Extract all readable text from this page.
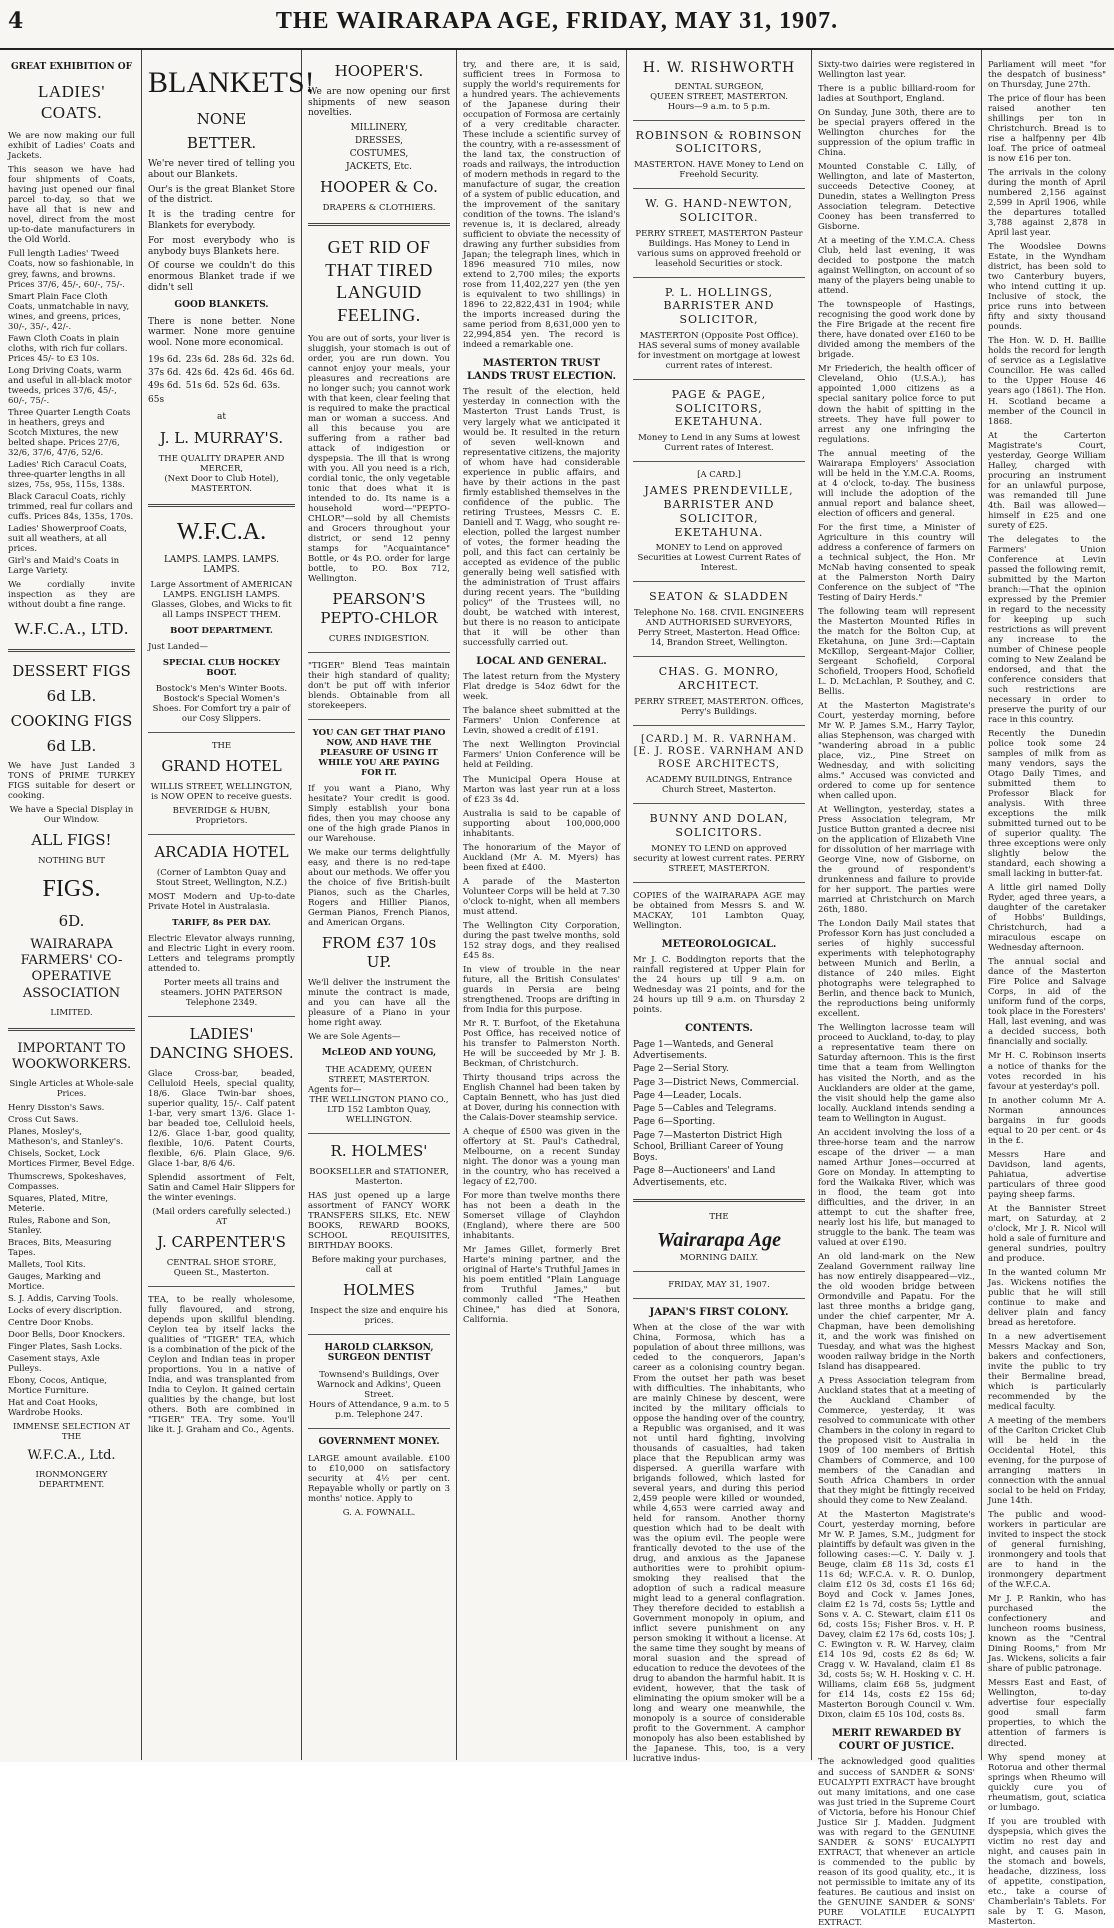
4	THE WAIRARAPA AGE, FRIDAY, MAY 31, 1907.
GREAT EXHIBITION OF
LADIES' COATS.

We are now making our full exhibit of Ladies' Coats and Jackets.

This season we have had four shipments of Coats, having just opened our final parcel to-day, so that we have all that is new and novel, direct from the most up-to-date manufacturers in the Old World.

Full length Ladies' Tweed Coats, now so fashionable, in grey, fawns, and browns. Prices 37/6, 45/-, 60/-, 75/-.
Smart Plain Face Cloth Coats, unmatchable in navy, wines, and greens, prices, 30/-, 35/-, 42/-.
Fawn Cloth Coats in plain cloths, with rich fur collars. Prices 45/- to £3 10s.
Long Driving Coats, warm and useful in all-black motor tweeds, prices 37/6, 45/-, 60/-, 75/-.
Three Quarter Length Coats in heathers, greys and Scotch Mixtures, the new belted shape. Prices 27/6, 32/6, 37/6, 47/6, 52/6.
Ladies' Rich Caracul Coats, three-quarter lengths in all sizes, 75s, 95s, 115s, 138s.
Black Caracul Coats, richly trimmed, real fur collars and cuffs. Prices 84s, 135s, 170s.
Ladies' Showerproof Coats, suit all weathers, at all prices.
Girl's and Maid's Coats in Large Variety.

We cordially invite inspection as they are without doubt a fine range.

W.F.C.A., LTD.
DESSERT FIGS
6d LB.
COOKING FIGS
6d LB.

We have Just Landed 3 TONS of PRIME TURKEY FIGS suitable for desert or cooking.

We have a Special Display in Our Window.

ALL FIGS!
NOTHING BUT
FIGS.
6D.
WAIRARAPA FARMERS' CO-OPERATIVE ASSOCIATION
LIMITED.
IMPORTANT TO WOOKWORKERS.
Single Articles at Whole-sale Prices.
Henry Disston's Saws.
Cross Cut Saws.
Planes, Mosley's, Matheson's, and Stanley's.
Chisels, Socket, Lock Mortices Firmer, Bevel Edge.
Thumscrews, Spokeshaves, Compasses.
Squares, Plated, Mitre, Meterie.
Rules, Rabone and Son, Stanley.
Braces, Bits, Measuring Tapes.
Mallets, Tool Kits.
Gauges, Marking and Mortice.
S. J. Addis, Carving Tools.
Locks of every discription.
Centre Door Knobs.
Door Bells, Door Knockers.
Finger Plates, Sash Locks.
Casement stays, Axle Pulleys.
Ebony, Cocos, Antique, Mortice Furniture.
Hat and Coat Hooks, Wardrobe Hooks.
IMMENSE SELECTION AT THE
W.F.C.A., Ltd.
IRONMONGERY DEPARTMENT.
BLANKETS!
NONE
BETTER.

We're never tired of telling you about our Blankets.

Our's is the great Blanket Store of the district.

It is the trading centre for Blankets for everybody.

For most everybody who is anybody buys Blankets here.

Of course we couldn't do this enormous Blanket trade if we didn't sell

GOOD BLANKETS.

There is none better. None warmer. None more genuine wool. None more economical.

19s 6d. 23s 6d. 28s 6d. 32s 6d.
37s 6d. 42s 6d. 42s 6d. 46s 6d.
49s 6d. 51s 6d. 52s 6d. 63s.
65s
at
J. L. MURRAY'S.
THE QUALITY DRAPER AND MERCER,
(Next Door to Club Hotel), MASTERTON.
W.F.C.A.
LAMPS. LAMPS. LAMPS. LAMPS.

Large Assortment of AMERICAN LAMPS. ENGLISH LAMPS. Glasses, Globes, and Wicks to fit all Lamps INSPECT THEM.

BOOT DEPARTMENT.
Just Landed—
SPECIAL CLUB HOCKEY BOOT.

Bostock's Men's Winter Boots. Bostock's Special Women's Shoes. For Comfort try a pair of our Cosy Slippers.

THE
GRAND HOTEL

WILLIS STREET, WELLINGTON, is NOW OPEN to receive guests.

BEVERIDGE & HUBN, Proprietors.
ARCADIA HOTEL
(Corner of Lambton Quay and Stout Street, Wellington, N.Z.)

MOST Modern and Up-to-date Private Hotel in Australasia.

TARIFF, 8s PER DAY.

Electric Elevator always running, and Electric Light in every room. Letters and telegrams promptly attended to.

Porter meets all trains and steamers. JOHN PATERSON Telephone 2349.

LADIES' DANCING SHOES.

Glace Cross-bar, beaded, Celluloid Heels, special quality, 18/6. Glace Twin-bar shoes, superior quality, 15/-. Calf patent 1-bar, very smart 13/6. Glace 1-bar beaded toe, Celluloid heels, 12/6. Glace 1-bar, good quality, flexible, 10/6. Patent Courts, flexible, 6/6. Plain Glace, 9/6. Glace 1-bar, 8/6 4/6.

Splendid assortment of Felt, Satin and Camel Hair Slippers for the winter evenings.

(Mail orders carefully selected.)
AT
J. CARPENTER'S
CENTRAL SHOE STORE,
Queen St., Masterton.

TEA, to be really wholesome, fully flavoured, and strong, depends upon skillful blending. Ceylon tea by itself lacks the qualities of "TIGER" TEA, which is a combination of the pick of the Ceylon and Indian teas in proper proportions. You in a native of India, and was transplanted from India to Ceylon. It gained certain qualities by the change, but lost others. Both are combined in "TIGER" TEA. Try some. You'll like it. J. Graham and Co., Agents.

HOOPER'S.

We are now opening our first shipments of new season novelties.

MILLINERY,
DRESSES,
COSTUMES,
JACKETS, Etc.
HOOPER & Co.
DRAPERS & CLOTHIERS.
GET RID OF THAT TIRED LANGUID FEELING.

You are out of sorts, your liver is sluggish, your stomach is out of order, you are run down. You cannot enjoy your meals, your pleasures and recreations are no longer such; you cannot work with that keen, clear feeling that is required to make the practical man or woman a success. And all this because you are suffering from a rather bad attack of indigestion or dyspepsia. The ill that is wrong with you. All you need is a rich, cordial tonic, the only vegetable tonic that does what it is intended to do. Its name is a household word—"PEPTO-CHLOR"—sold by all Chemists and Grocers throughout your district, or send 12 penny stamps for "Acquaintance" Bottle, or 4s P.O. order for large bottle, to P.O. Box 712, Wellington.

PEARSON'S PEPTO-CHLOR
CURES INDIGESTION.

"TIGER" Blend Teas maintain their high standard of quality; don't be put off with inferior blends. Obtainable from all storekeepers.

YOU CAN GET THAT PIANO NOW, AND HAVE THE PLEASURE OF USING IT WHILE YOU ARE PAYING FOR IT.

If you want a Piano, Why hesitate? Your credit is good. Simply establish your bona fides, then you may choose any one of the high grade Pianos in our Warehouse.

We make our terms delightfully easy, and there is no red-tape about our methods. We offer you the choice of five British-built Pianos, such as the Charles, Rogers and Hillier Pianos, German Pianos, French Pianos, and American Organs.

FROM £37 10s UP.

We'll deliver the instrument the minute the contract is made, and you can have all the pleasure of a Piano in your home right away.

We are Sole Agents—
McLEOD AND YOUNG,
THE ACADEMY, QUEEN STREET, MASTERTON.
Agents for—
THE WELLINGTON PIANO CO., LTD 152 Lambton Quay, WELLINGTON.
R. HOLMES'
BOOKSELLER and STATIONER, Masterton.

HAS just opened up a large assortment of FANCY WORK TRANSFERS SILKS, Etc. NEW BOOKS, REWARD BOOKS, SCHOOL REQUISITES, BIRTHDAY BOOKS.

Before making your purchases, call at
HOLMES
Inspect the size and enquire his prices.
HAROLD CLARKSON, SURGEON DENTIST
Townsend's Buildings, Over Warnock and Adkins', Queen Street.
Hours of Attendance, 9 a.m. to 5 p.m. Telephone 247.
GOVERNMENT MONEY.

LARGE amount available. £100 to £10,000 on satisfactory security at 4½ per cent. Repayable wholly or partly on 3 months' notice. Apply to

G. A. FOWNALL.

try, and there are, it is said, sufficient trees in Formosa to supply the world's requirements for a hundred years. The achievements of the Japanese during their occupation of Formosa are certainly of a very creditable character. These include a scientific survey of the country, with a re-assessment of the land tax, the construction of roads and railways, the introduction of modern methods in regard to the manufacture of sugar, the creation of a system of public education, and the improvement of the sanitary condition of the towns. The island's revenue is, it is declared, already sufficient to obviate the necessity of drawing any further subsidies from Japan; the telegraph lines, which in 1896 measured 710 miles, now extend to 2,700 miles; the exports rose from 11,402,227 yen (the yen is equivalent to two shillings) in 1896 to 22,822,431 in 1904; while the imports increased during the same period from 8,631,000 yen to 22,994,854 yen. The record is indeed a remarkable one.

MASTERTON TRUST LANDS TRUST ELECTION.

The result of the election, held yesterday in connection with the Masterton Trust Lands Trust, is very largely what we anticipated it would be. It resulted in the return of seven well-known and representative citizens, the majority of whom have had considerable experience in public affairs, and have by their actions in the past firmly established themselves in the confidence of the public. The retiring Trustees, Messrs C. E. Daniell and T. Wagg, who sought re-election, polled the largest number of votes, the former heading the poll, and this fact can certainly be accepted as evidence of the public generally being well satisfied with the administration of Trust affairs during recent years. The "building policy" of the Trustees will, no doubt, be watched with interest, but there is no reason to anticipate that it will be other than successfully carried out.

LOCAL AND GENERAL.

The latest return from the Mystery Flat dredge is 54oz 6dwt for the week.

The balance sheet submitted at the Farmers' Union Conference at Levin, showed a credit of £191.

The next Wellington Provincial Farmers' Union Conference will be held at Feilding.

The Municipal Opera House at Marton was last year run at a loss of £23 3s 4d.

Australia is said to be capable of supporting about 100,000,000 inhabitants.

The honorarium of the Mayor of Auckland (Mr A. M. Myers) has been fixed at £400.

A parade of the Masterton Volunteer Corps will be held at 7.30 o'clock to-night, when all members must attend.

The Wellington City Corporation, during the past twelve months, sold 152 stray dogs, and they realised £45 8s.

In view of trouble in the near future, all the British Consulates' guards in Persia are being strengthened. Troops are drifting in from India for this purpose.

Mr R. T. Burfoot, of the Eketahuna Post Office, has received notice of his transfer to Palmerston North. He will be succeeded by Mr J. B. Beckman, of Christchurch.

Thirty thousand trips across the English Channel had been taken by Captain Bennett, who has just died at Dover, during his connection with the Calais-Dover steamship service.

A cheque of £500 was given in the offertory at St. Paul's Cathedral, Melbourne, on a recent Sunday night. The donor was a young man in the country, who has received a legacy of £2,700.

For more than twelve months there has not been a death in the Somerset village of Clayhdon (England), where there are 500 inhabitants.

Mr James Gillet, formerly Bret Harte's mining partner, and the original of Harte's Truthful James in his poem entitled "Plain Language from Truthful James," but commonly called "The Heathen Chinee," has died at Sonora, California.

H. W. RISHWORTH
DENTAL SURGEON,
QUEEN STREET, MASTERTON.
Hours—9 a.m. to 5 p.m.
ROBINSON & ROBINSON SOLICITORS,

MASTERTON. HAVE Money to Lend on Freehold Security.

W. G. HAND-NEWTON, SOLICITOR.

PERRY STREET, MASTERTON Pasteur Buildings. Has Money to Lend in various sums on approved freehold or leasehold Securities or stock.

P. L. HOLLINGS, BARRISTER AND SOLICITOR,

MASTERTON (Opposite Post Office). HAS several sums of money available for investment on mortgage at lowest current rates of interest.

PAGE & PAGE, SOLICITORS, EKETAHUNA.

Money to Lend in any Sums at lowest Current rates of Interest.

[A CARD.]
JAMES PRENDEVILLE, BARRISTER AND SOLICITOR, EKETAHUNA.

MONEY to Lend on approved Securities at Lowest Current Rates of Interest.

SEATON & SLADDEN

Telephone No. 168. CIVIL ENGINEERS AND AUTHORISED SURVEYORS, Perry Street, Masterton. Head Office: 14, Brandon Street, Wellington.

CHAS. G. MONRO, ARCHITECT.

PERRY STREET, MASTERTON. Offices, Perry's Buildings.

[CARD.] M. R. VARNHAM. [E. J. ROSE. VARNHAM AND ROSE ARCHITECTS,

ACADEMY BUILDINGS, Entrance Church Street, Masterton.

BUNNY AND DOLAN, SOLICITORS.

MONEY TO LEND on approved security at lowest current rates. PERRY STREET, MASTERTON.

COPIES of the WAIRARAPA AGE may be obtained from Messrs S. and W. MACKAY, 101 Lambton Quay, Wellington.

METEOROLOGICAL.

Mr J. C. Boddington reports that the rainfall registered at Upper Plain for the 24 hours up till 9 a.m. on Wednesday was 21 points, and for the 24 hours up till 9 a.m. on Thursday 2 points.

CONTENTS.
Page 1—Wanteds, and General Advertisements.
Page 2—Serial Story.
Page 3—District News, Commercial.
Page 4—Leader, Locals.
Page 5—Cables and Telegrams.
Page 6—Sporting.
Page 7—Masterton District High School, Brilliant Career of Young Boys.
Page 8—Auctioneers' and Land Advertisements, etc.
THE
Wairarapa Age
MORNING DAILY.
FRIDAY, MAY 31, 1907.
JAPAN'S FIRST COLONY.

When at the close of the war with China, Formosa, which has a population of about three millions, was ceded to the conquerors, Japan's career as a colonising country began. From the outset her path was beset with difficulties. The inhabitants, who are mainly Chinese by descent, were incited by the military officials to oppose the handing over of the country, a Republic was organised, and it was not until hard fighting, involving thousands of casualties, had taken place that the Republican army was dispersed. A guerilla warfare with brigands followed, which lasted for several years, and during this period 2,459 people were killed or wounded, while 4,653 were carried away and held for ransom. Another thorny question which had to be dealt with was the opium evil. The people were frantically devoted to the use of the drug, and anxious as the Japanese authorities were to prohibit opium-smoking they realised that the adoption of such a radical measure might lead to a general conflagration. They therefore decided to establish a Government monopoly in opium, and inflict severe punishment on any person smoking it without a license. At the same time they sought by means of moral suasion and the spread of education to reduce the devotees of the drug to abandon the harmful habit. It is evident, however, that the task of eliminating the opium smoker will be a long and weary one meanwhile, the monopoly is a source of considerable profit to the Government. A camphor monopoly has also been established by the Japanese. This, too, is a very lucrative indus-

Sixty-two dairies were registered in Wellington last year.

There is a public billiard-room for ladies at Southport, England.

On Sunday, June 30th, there are to be special prayers offered in the Wellington churches for the suppression of the opium traffic in China.

Mounted Constable C. Lilly, of Wellington, and late of Masterton, succeeds Detective Cooney, at Dunedin, states a Wellington Press Association telegram. Detective Cooney has been transferred to Gisborne.

At a meeting of the Y.M.C.A. Chess Club, held last evening, it was decided to postpone the match against Wellington, on account of so many of the players being unable to attend.

The townspeople of Hastings, recognising the good work done by the Fire Brigade at the recent fire there, have donated over £160 to be divided among the members of the brigade.

Mr Friederich, the health officer of Cleveland, Ohio (U.S.A.), has appointed 1,000 citizens as a special sanitary police force to put down the habit of spitting in the streets. They have full power to arrest any one infringing the regulations.

The annual meeting of the Wairarapa Employers' Association will be held in the Y.M.C.A. Rooms, at 4 o'clock, to-day. The business will include the adoption of the annual report and balance sheet, election of officers and general.

For the first time, a Minister of Agriculture in this country will address a conference of farmers on a technical subject, the Hon. Mr McNab having consented to speak at the Palmerston North Dairy Conference on the subject of "The Testing of Dairy Herds."

The following team will represent the Masterton Mounted Rifles in the match for the Bolton Cup, at Eketahuna, on June 3rd:—Captain McKillop, Sergeant-Major Collier, Sergeant Schofield, Corporal Schofield, Troopers Hood, Schofield L. D. McLachlan, P. Southey, and C. Bellis.

At the Masterton Magistrate's Court, yesterday morning, before Mr W. P. James S.M., Harry Taylor, alias Stephenson, was charged with "wandering abroad in a public place, viz., Pine Street on Wednesday, and with soliciting alms." Accused was convicted and ordered to come up for sentence when called upon.

At Wellington, yesterday, states a Press Association telegram, Mr Justice Button granted a decree nisi on the application of Elizabeth Vine for dissolution of her marriage with George Vine, now of Gisborne, on the ground of respondent's drunkenness and failure to provide for her support. The parties were married at Christchurch on March 26th, 1880.

The London Daily Mail states that Professor Korn has just concluded a series of highly successful experiments with telephotography between Munich and Berlin, a distance of 240 miles. Eight photographs were telegraphed to Berlin, and thence back to Munich, the reproductions being uniformly excellent.

The Wellington lacrosse team will proceed to Auckland, to-day, to play a representative team there on Saturday afternoon. This is the first time that a team from Wellington has visited the North, and as the Aucklanders are older at the game, the visit should help the game also locally. Auckland intends sending a team to Wellington in August.

An accident involving the loss of a three-horse team and the narrow escape of the driver — a man named Arthur Jones—occurred at Gore on Monday. In attempting to ford the Waikaka River, which was in flood, the team got into difficulties, and the driver, in an attempt to cut the shafter free, nearly lost his life, but managed to struggle to the bank. The team was valued at over £190.

An old land-mark on the New Zealand Government railway line has now entirely disappeared—viz., the old wooden bridge between Ormondville and Papatu. For the last three months a bridge gang, under the chief carpenter, Mr A. Chapman, have been demolishing it, and the work was finished on Tuesday, and what was the highest wooden railway bridge in the North Island has disappeared.

A Press Association telegram from Auckland states that at a meeting of the Auckland Chamber of Commerce, yesterday, it was resolved to communicate with other Chambers in the colony in regard to the proposed visit to Australia in 1909 of 100 members of British Chambers of Commerce, and 100 members of the Canadian and South Africa Chambers in order that they might be fittingly received should they come to New Zealand.

At the Masterton Magistrate's Court, yesterday morning, before Mr W. P. James, S.M., judgment for plaintiffs by default was given in the following cases:—C. Y. Daily v. J. Beuge, claim £8 11s 3d, costs £1 11s 6d; W.F.C.A. v. R. O. Dunlop, claim £12 0s 3d, costs £1 16s 6d; Boyd and Cock v. James Jones, claim £2 1s 7d, costs 5s; Lyttle and Sons v. A. C. Stewart, claim £11 0s 6d, costs 15s; Fisher Bros. v. H. P. Davey, claim £2 17s 6d, costs 10s; J. C. Ewington v. R. W. Harvey, claim £14 10s 9d, costs £2 8s 6d; W. Cragg v. W. Havaland, claim £1 8s 3d, costs 5s; W. H. Hosking v. C. H. Williams, claim £68 5s, judgment for £14 14s, costs £2 15s 6d; Masterton Borough Council v. Wm. Dixon, claim £5 10s 10d, costs 8s.

MERIT REWARDED BY COURT OF JUSTICE.

The acknowledged good qualities and success of SANDER & SONS' EUCALYPTI EXTRACT have brought out many imitations, and one case was just tried in the Supreme Court of Victoria, before his Honour Chief Justice Sir J. Madden. Judgment was with regard to the GENUINE SANDER & SONS' EUCALYPTI EXTRACT, that whenever an article is commended to the public by reason of its good quality, etc., it is not permissible to imitate any of its features. Be cautious and insist on the GENUINE SANDER & SONS' PURE VOLATILE EUCALYPTI EXTRACT.

Parliament will meet "for the despatch of business" on Thursday, June 27th.

The price of flour has been raised another ten shillings per ton in Christchurch. Bread is to rise a halfpenny per 4lb loaf. The price of oatmeal is now £16 per ton.

The arrivals in the colony during the month of April numbered 2,156 against 2,599 in April 1906, while the departures totalled 3,788 against 2,878 in April last year.

The Woodslee Downs Estate, in the Wyndham district, has been sold to two Canterbury buyers, who intend cutting it up. Inclusive of stock, the price runs into between fifty and sixty thousand pounds.

The Hon. W. D. H. Baillie holds the record for length of service as a Legislative Councillor. He was called to the Upper House 46 years ago (1861). The Hon. H. Scotland became a member of the Council in 1868.

At the Carterton Magistrate's Court, yesterday, George William Halley, charged with procuring an instrument for an unlawful purpose, was remanded till June 4th. Bail was allowed—himself in £25 and one surety of £25.

The delegates to the Farmers' Union Conference at Levin passed the following remit, submitted by the Marton branch:—That the opinion expressed by the Premier in regard to the necessity for keeping up such restrictions as will prevent any increase to the number of Chinese people coming to New Zealand be endorsed, and that the conference considers that such restrictions are necessary in order to preserve the purity of our race in this country.

Recently the Dunedin police took some 24 samples of milk from as many vendors, says the Otago Daily Times, and submitted them to Professor Black for analysis. With three exceptions the milk submitted turned out to be of superior quality. The three exceptions were only slightly below the standard, each showing a small lacking in butter-fat.

A little girl named Dolly Ryder, aged three years, a daughter of the caretaker of Hobbs' Buildings, Christchurch, had a miraculous escape on Wednesday afternoon.

The annual social and dance of the Masterton Fire Police and Salvage Corps, in aid of the uniform fund of the corps, took place in the Foresters' Hall, last evening, and was a decided success, both financially and socially.

Mr H. C. Robinson inserts a notice of thanks for the votes recorded in his favour at yesterday's poll.

In another column Mr A. Norman announces bargains in fur goods equal to 20 per cent. or 4s in the £.

Messrs Hare and Davidson, land agents, Pahiatua, advertise particulars of three good paying sheep farms.

At the Bannister Street mart, on Saturday, at 2 o'clock, Mr J. R. Nicol will hold a sale of furniture and general sundries, poultry and produce.

In the wanted column Mr Jas. Wickens notifies the public that he will still continue to make and deliver plain and fancy bread as heretofore.

In a new advertisement Messrs Mackay and Son, bakers and confectioners, invite the public to try their Bermaline bread, which is particularly recommended by the medical faculty.

A meeting of the members of the Carlton Cricket Club will be held in the Occidental Hotel, this evening, for the purpose of arranging matters in connection with the annual social to be held on Friday, June 14th.

The public and wood-workers in particular are invited to inspect the stock of general furnishing, ironmongery and tools that are to hand in the ironmongery department of the W.F.C.A.

Mr J. P. Rankin, who has purchased the confectionery and luncheon rooms business, known as the "Central Dining Rooms," from Mr Jas. Wickens, solicits a fair share of public patronage.

Messrs East and East, of Wellington, to-day advertise four especially good small farm properties, to which the attention of farmers is directed.

Why spend money at Rotorua and other thermal springs when Rheumo will quickly cure you of rheumatism, gout, sciatica or lumbago.

If you are troubled with dyspepsia, which gives the victim no rest day and night, and causes pain in the stomach and bowels, headache, dizziness, loss of appetite, constipation, etc., take a course of Chamberlain's Tablets. For sale by T. G. Mason, Masterton.
